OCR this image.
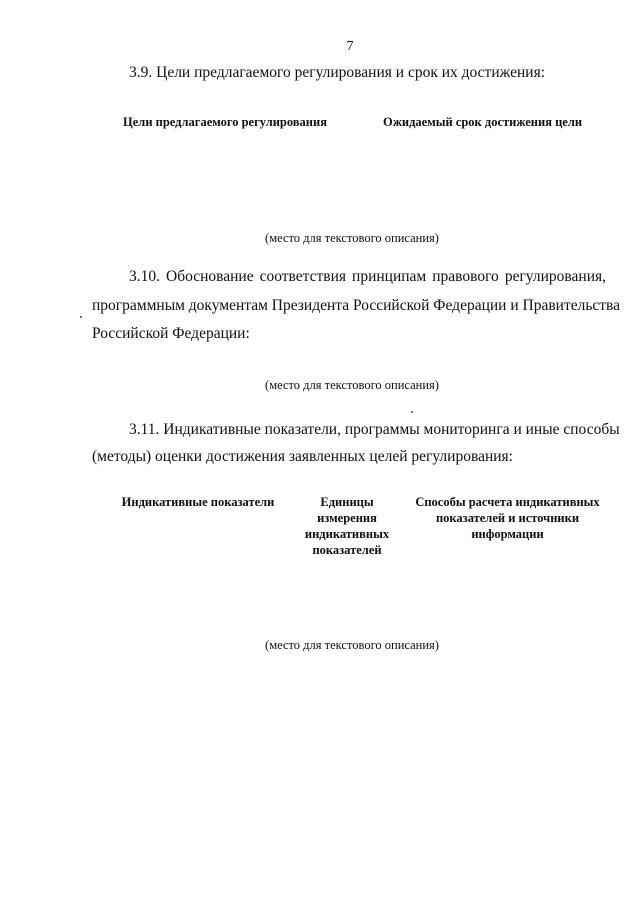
7
3.9. Цели предлагаемого регулирования и срок их достижения:
Цели предлагаемого регулирования	Ожидаемый срок достижения цели
(место для текстового описания)
3.10. Обоснование соответствия принципам правового регулирования,
программным документам Президента Российской Федерации и Правительства
Российской Федерации:
(место для текстового описания)
3.11. Индикативные показатели, программы мониторинга и иные способы
(методы) оценки достижения заявленных целей регулирования:
Индикативные показатели	Единицы
измерения
индикативных
показателей
Способы расчета индикативных
показателей и источники
информации
(место для текстового описания)
